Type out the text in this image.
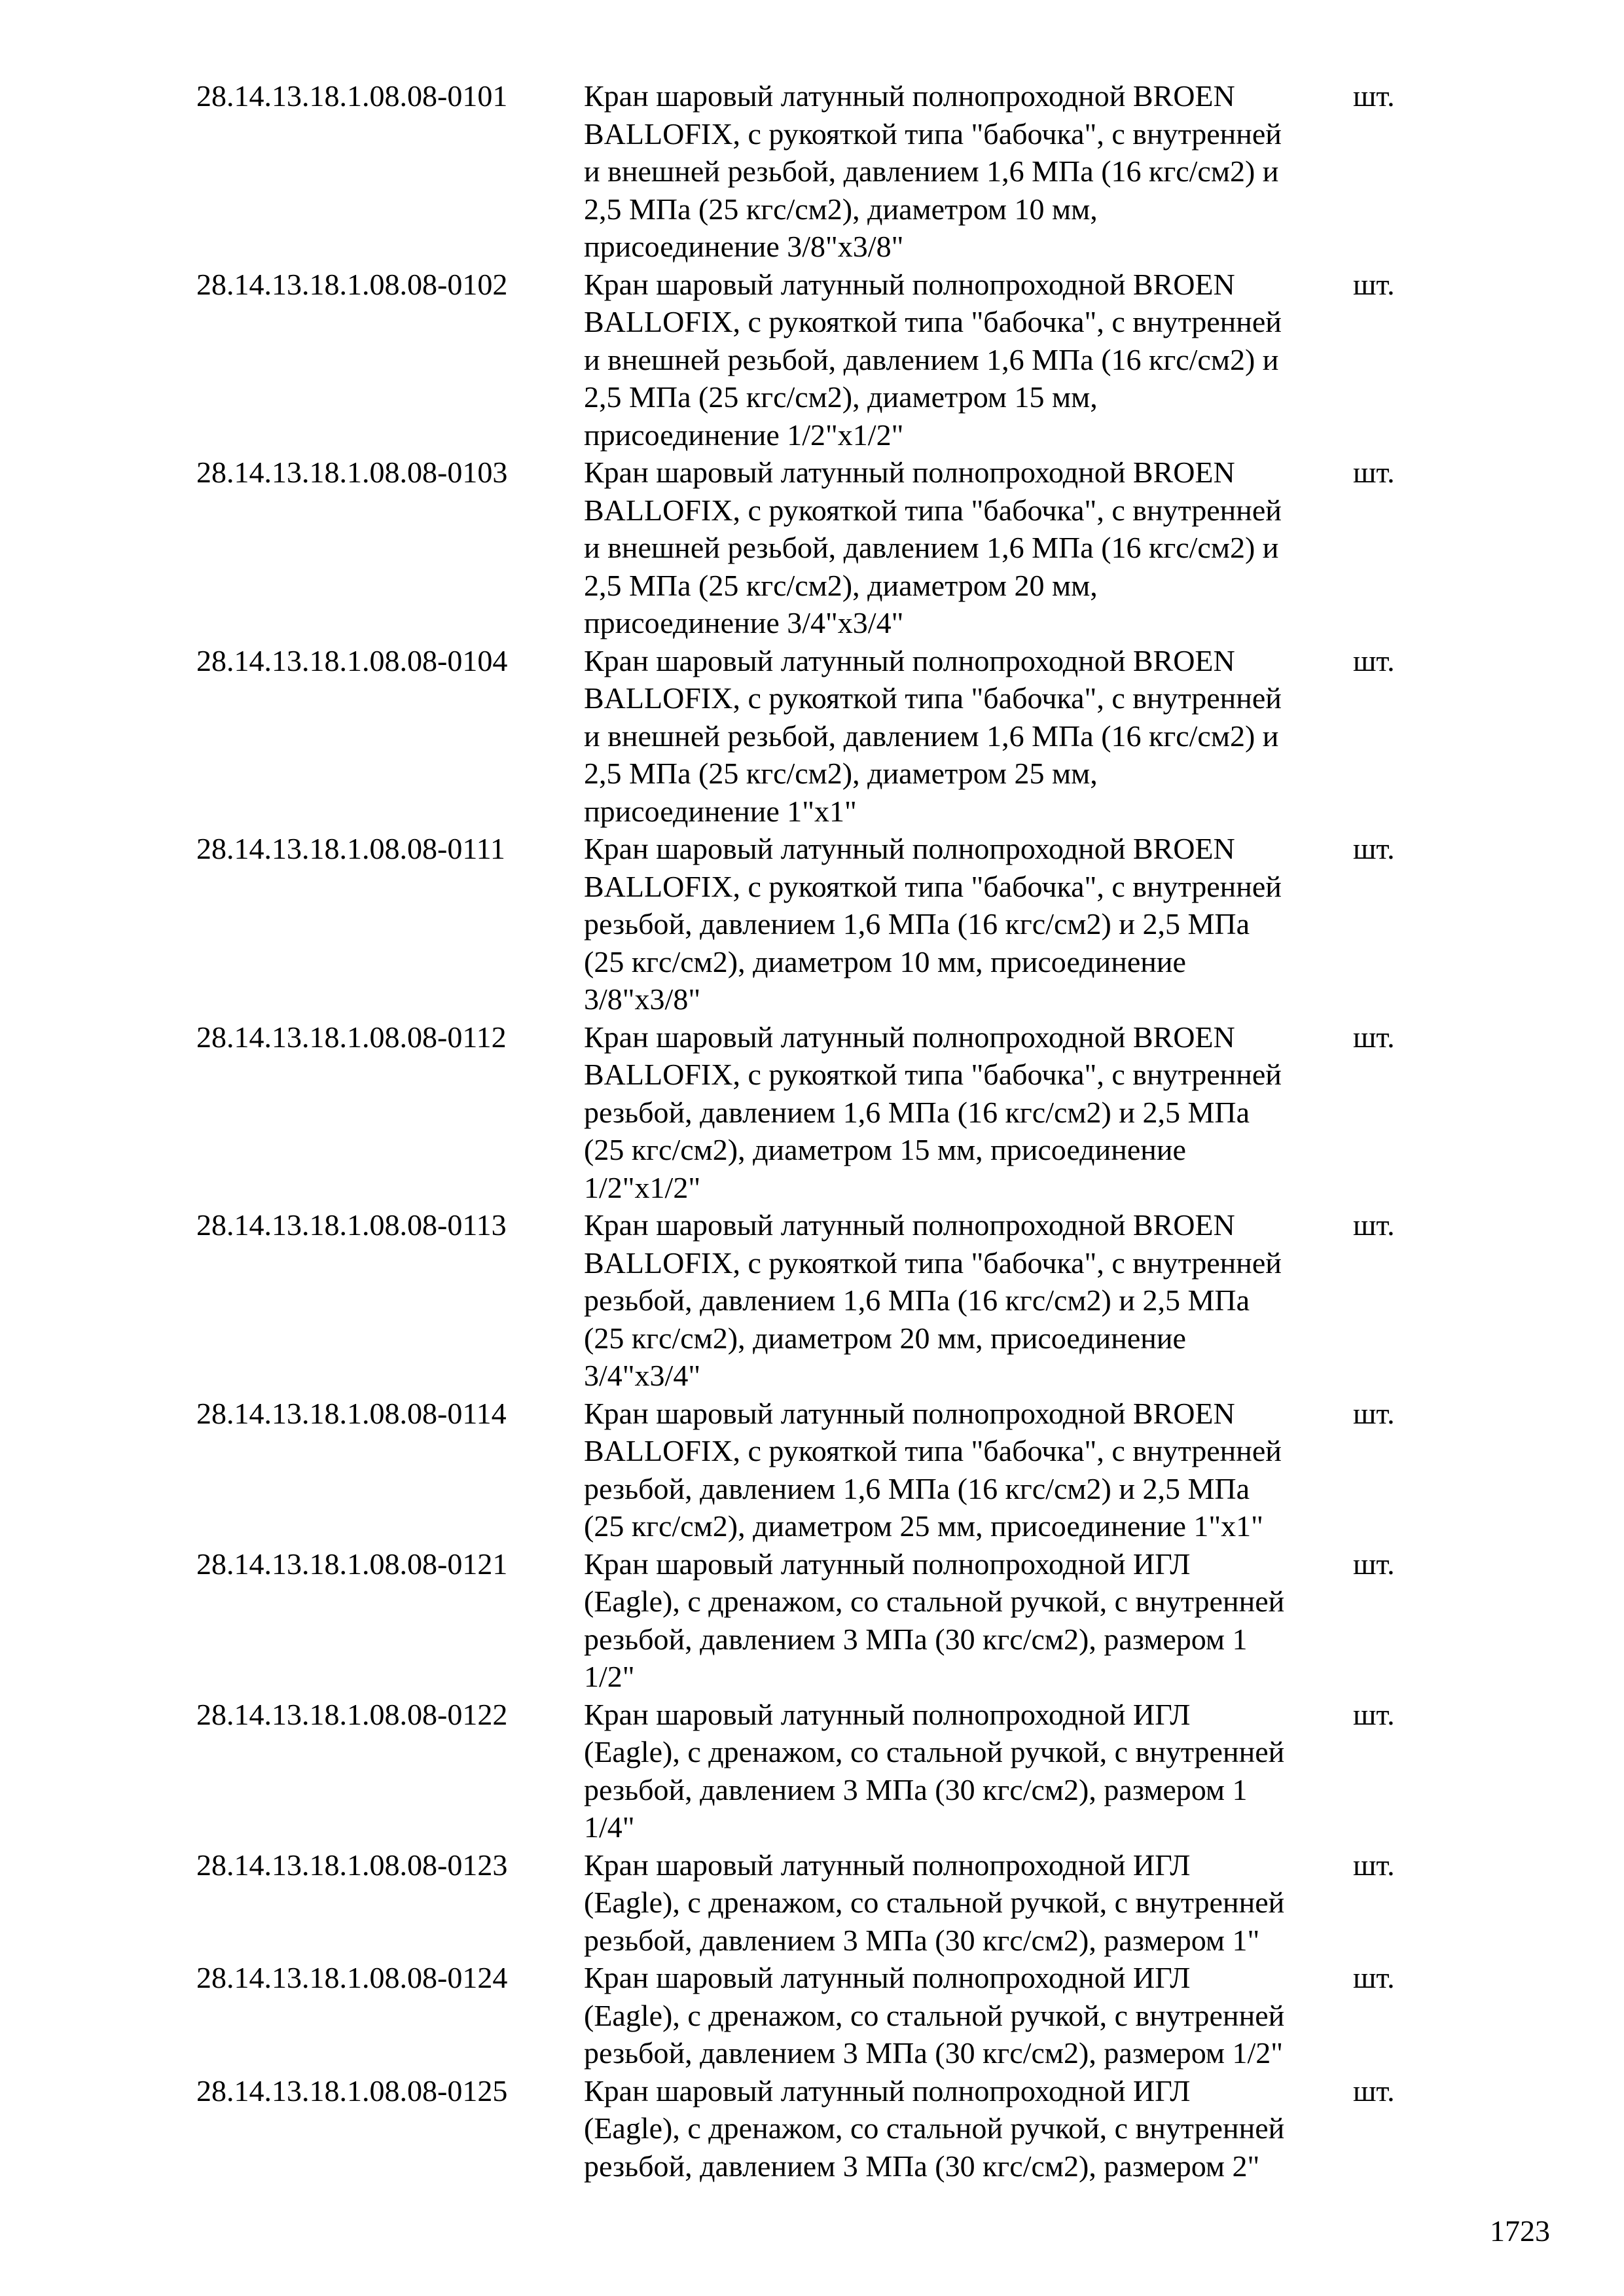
28.14.13.18.1.08.08-0101	Кран шаровый латунный полнопроходной BROEN
BALLOFIX, с рукояткой типа "бабочка", с внутренней
и внешней резьбой, давлением 1,6 МПа (16 кгс/см2) и
2,5 МПа (25 кгс/см2), диаметром 10 мм,
присоединение 3/8"х3/8"
шт.
28.14.13.18.1.08.08-0102	Кран шаровый латунный полнопроходной BROEN
BALLOFIX, с рукояткой типа "бабочка", с внутренней
и внешней резьбой, давлением 1,6 МПа (16 кгс/см2) и
2,5 МПа (25 кгс/см2), диаметром 15 мм,
присоединение 1/2"х1/2"
шт.
28.14.13.18.1.08.08-0103	Кран шаровый латунный полнопроходной BROEN
BALLOFIX, с рукояткой типа "бабочка", с внутренней
и внешней резьбой, давлением 1,6 МПа (16 кгс/см2) и
2,5 МПа (25 кгс/см2), диаметром 20 мм,
присоединение 3/4"х3/4"
шт.
28.14.13.18.1.08.08-0104	Кран шаровый латунный полнопроходной BROEN
BALLOFIX, с рукояткой типа "бабочка", с внутренней
и внешней резьбой, давлением 1,6 МПа (16 кгс/см2) и
2,5 МПа (25 кгс/см2), диаметром 25 мм,
присоединение 1"х1"
шт.
28.14.13.18.1.08.08-0111	Кран шаровый латунный полнопроходной BROEN
BALLOFIX, с рукояткой типа "бабочка", с внутренней
резьбой, давлением 1,6 МПа (16 кгс/см2) и 2,5 МПа
(25 кгс/см2), диаметром 10 мм, присоединение
3/8"х3/8"
шт.
28.14.13.18.1.08.08-0112	Кран шаровый латунный полнопроходной BROEN
BALLOFIX, с рукояткой типа "бабочка", с внутренней
резьбой, давлением 1,6 МПа (16 кгс/см2) и 2,5 МПа
(25 кгс/см2), диаметром 15 мм, присоединение
1/2"х1/2"
шт.
28.14.13.18.1.08.08-0113	Кран шаровый латунный полнопроходной BROEN
BALLOFIX, с рукояткой типа "бабочка", с внутренней
резьбой, давлением 1,6 МПа (16 кгс/см2) и 2,5 МПа
(25 кгс/см2), диаметром 20 мм, присоединение
3/4"х3/4"
шт.
28.14.13.18.1.08.08-0114	Кран шаровый латунный полнопроходной BROEN
BALLOFIX, с рукояткой типа "бабочка", с внутренней
резьбой, давлением 1,6 МПа (16 кгс/см2) и 2,5 МПа
(25 кгс/см2), диаметром 25 мм, присоединение 1"х1"
шт.
28.14.13.18.1.08.08-0121	Кран шаровый латунный полнопроходной ИГЛ
(Eagle), с дренажом, со стальной ручкой, с внутренней
резьбой, давлением 3 МПа (30 кгс/см2), размером 1
1/2"
шт.
28.14.13.18.1.08.08-0122	Кран шаровый латунный полнопроходной ИГЛ
(Eagle), с дренажом, со стальной ручкой, с внутренней
резьбой, давлением 3 МПа (30 кгс/см2), размером 1
1/4"
шт.
28.14.13.18.1.08.08-0123	Кран шаровый латунный полнопроходной ИГЛ
(Eagle), с дренажом, со стальной ручкой, с внутренней
резьбой, давлением 3 МПа (30 кгс/см2), размером 1"
шт.
28.14.13.18.1.08.08-0124	Кран шаровый латунный полнопроходной ИГЛ
(Eagle), с дренажом, со стальной ручкой, с внутренней
резьбой, давлением 3 МПа (30 кгс/см2), размером 1/2"
шт.
28.14.13.18.1.08.08-0125	Кран шаровый латунный полнопроходной ИГЛ
(Eagle), с дренажом, со стальной ручкой, с внутренней
резьбой, давлением 3 МПа (30 кгс/см2), размером 2"
шт.
1723
